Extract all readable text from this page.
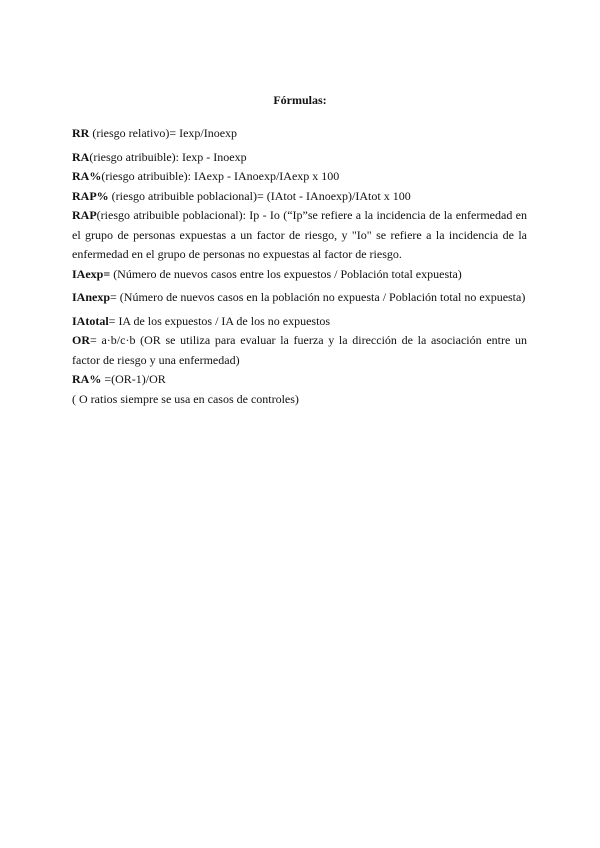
Fórmulas:

RR (riesgo relativo)= Iexp/Inoexp

RA(riesgo atribuible): Iexp - Inoexp

RA%(riesgo atribuible): IAexp - IAnoexp/IAexp x 100

RAP% (riesgo atribuible poblacional)= (IAtot - IAnoexp)/IAtot x 100

RAP(riesgo atribuible poblacional): Ip - Io (“Ip”se refiere a la incidencia de la enfermedad en el grupo de personas expuestas a un factor de riesgo, y "Io" se refiere a la incidencia de la enfermedad en el grupo de personas no expuestas al factor de riesgo.

IAexp= (Número de nuevos casos entre los expuestos / Población total expuesta)

IAnexp= (Número de nuevos casos en la población no expuesta / Población total no expuesta)

IAtotal= IA de los expuestos / IA de los no expuestos

OR= a·b/c·b (OR se utiliza para evaluar la fuerza y la dirección de la asociación entre un factor de riesgo y una enfermedad)

RA% =(OR-1)/OR

( O ratios siempre se usa en casos de controles)
